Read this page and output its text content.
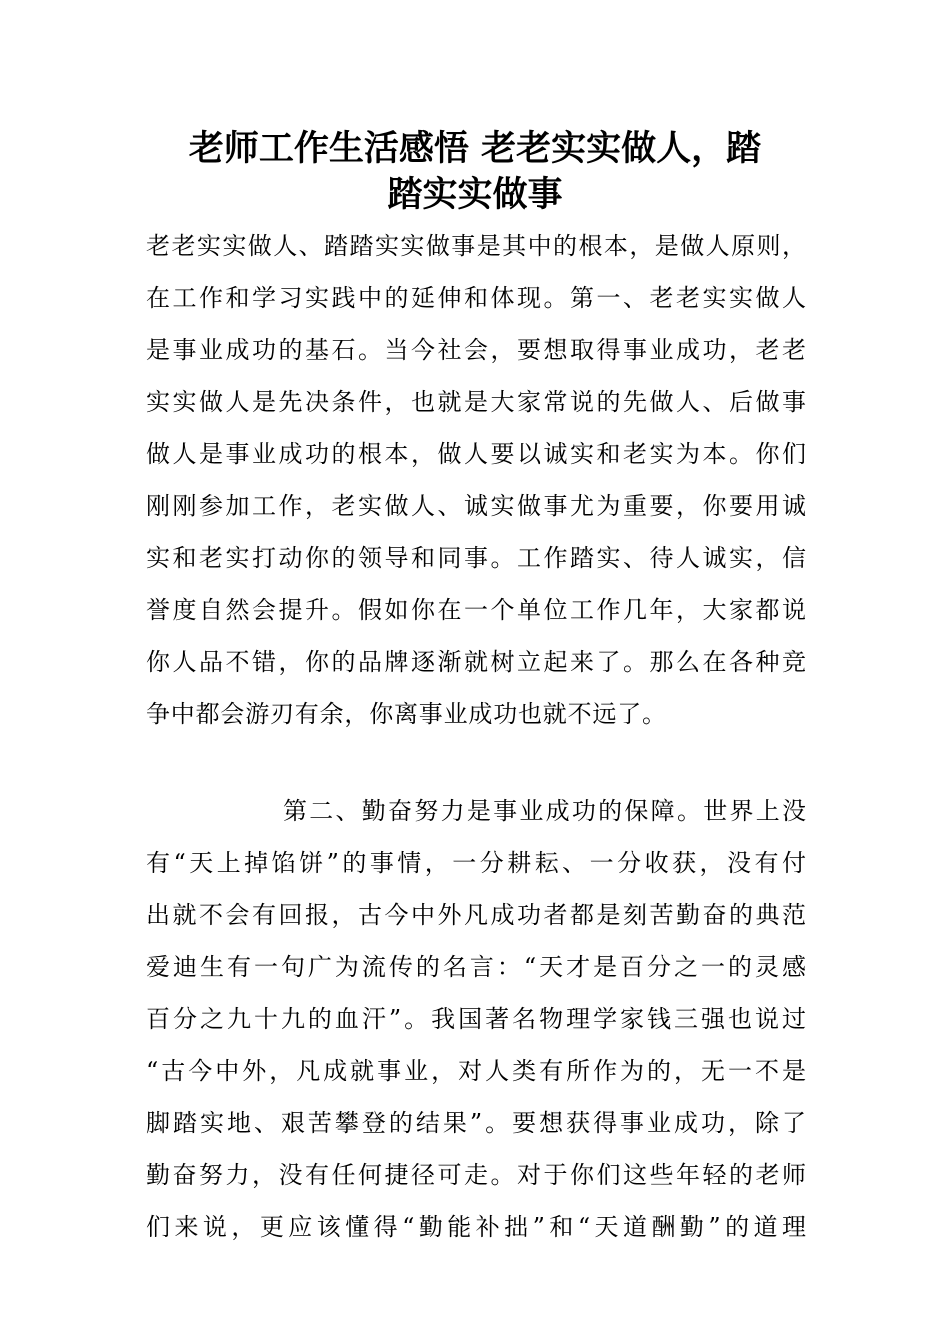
老师工作生活感悟 老老实实做人，踏
踏实实做事
老老实实做人、踏踏实实做事是其中的根本，是做人原则，
在工作和学习实践中的延伸和体现。第一、老老实实做人
是事业成功的基石。当今社会，要想取得事业成功，老老
实实做人是先决条件，也就是大家常说的先做人、后做事
做人是事业成功的根本，做人要以诚实和老实为本。你们
刚刚参加工作，老实做人、诚实做事尤为重要，你要用诚
实和老实打动你的领导和同事。工作踏实、待人诚实，信
誉度自然会提升。假如你在一个单位工作几年，大家都说
你人品不错，你的品牌逐渐就树立起来了。那么在各种竞
争中都会游刃有余，你离事业成功也就不远了。
第二、勤奋努力是事业成功的保障。世界上没
有“天上掉馅饼”的事情，一分耕耘、一分收获，没有付
出就不会有回报，古今中外凡成功者都是刻苦勤奋的典范
爱迪生有一句广为流传的名言：“天才是百分之一的灵感
百分之九十九的血汗”。我国著名物理学家钱三强也说过
“古今中外，凡成就事业，对人类有所作为的，无一不是
脚踏实地、艰苦攀登的结果”。要想获得事业成功，除了
勤奋努力，没有任何捷径可走。对于你们这些年轻的老师
们来说，更应该懂得“勤能补拙”和“天道酬勤”的道理
